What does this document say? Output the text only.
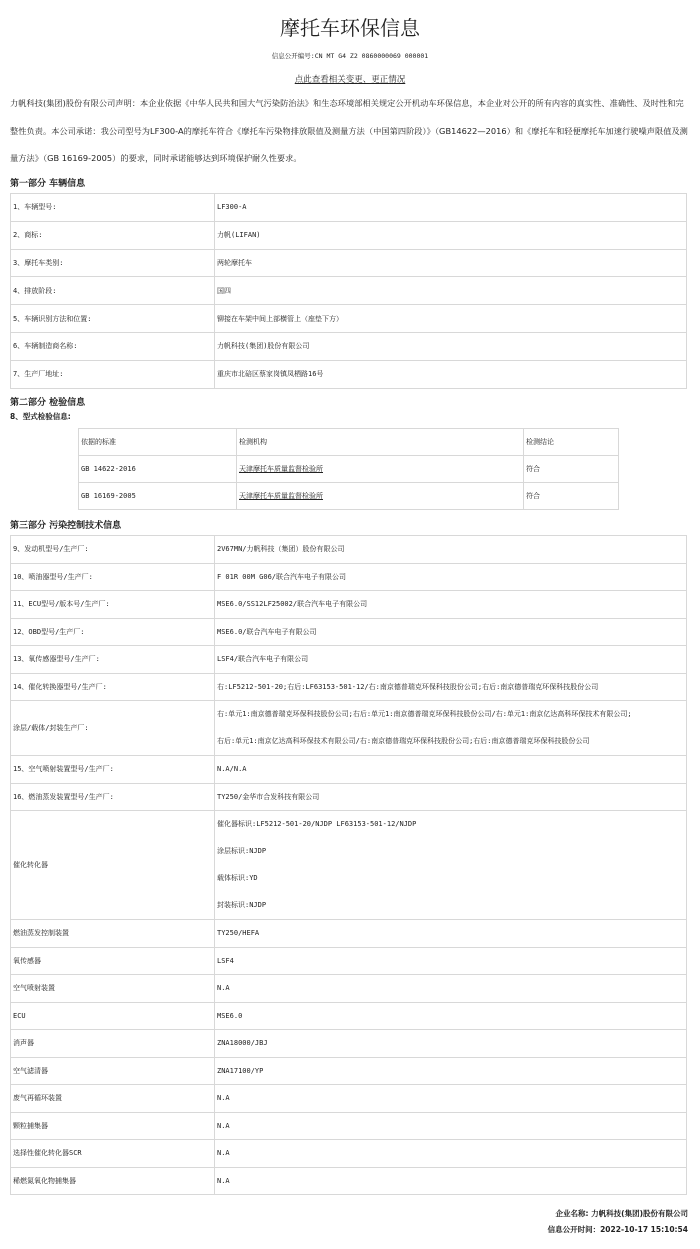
摩托车环保信息
信息公开编号:CN MT G4 Z2 0860000069 000001
点此查看相关变更、更正情况
力帆科技(集团)股份有限公司声明：本企业依据《中华人民共和国大气污染防治法》和生态环境部相关规定公开机动车环保信息，本企业对公开的所有内容的真实性、准确性、及时性和完整性负责。本公司承诺：我公司型号为LF300-A的摩托车符合《摩托车污染物排放限值及测量方法（中国第四阶段）》（GB14622—2016）和《摩托车和轻便摩托车加速行驶噪声限值及测量方法》（GB 16169-2005）的要求，同时承诺能够达到环境保护耐久性要求。
第一部分 车辆信息
1、车辆型号:	LF300-A
2、商标:	力帆(LIFAN)
3、摩托车类别:	两轮摩托车
4、排放阶段:	国四
5、车辆识别方法和位置:	铆接在车架中间上部横管上（座垫下方）
6、车辆制造商名称:	力帆科技(集团)股份有限公司
7、生产厂地址:	重庆市北碚区蔡家岗镇凤栖路16号
第二部分 检验信息
8、型式检验信息:
依据的标准	检测机构	检测结论
GB 14622-2016	天津摩托车质量监督检验所	符合
GB 16169-2005	天津摩托车质量监督检验所	符合
第三部分 污染控制技术信息
9、发动机型号/生产厂:	2V67MN/力帆科技（集团）股份有限公司
10、喷油器型号/生产厂:	F 01R 00M G06/联合汽车电子有限公司
11、ECU型号/版本号/生产厂:	MSE6.0/SS12LF25002/联合汽车电子有限公司
12、OBD型号/生产厂:	MSE6.0/联合汽车电子有限公司
13、氧传感器型号/生产厂:	LSF4/联合汽车电子有限公司
14、催化转换器型号/生产厂:	右:LF5212-501-20;右后:LF63153-501-12/右:南京德普瑞克环保科技股份公司;右后:南京德普瑞克环保科技股份公司
涂层/载体/封装生产厂:	右:单元1:南京德普瑞克环保科技股份公司;右后:单元1:南京德普瑞克环保科技股份公司/右:单元1:南京亿达高科环保技术有限公司;
右后:单元1:南京亿达高科环保技术有限公司/右:南京德普瑞克环保科技股份公司;右后:南京德普瑞克环保科技股份公司

15、空气喷射装置型号/生产厂:	N.A/N.A
16、燃油蒸发装置型号/生产厂:	TY250/金华市合发科技有限公司
催化转化器	催化器标识:LF5212-501-20/NJDP LF63153-501-12/NJDP
涂层标识:NJDP
载体标识:YD
封装标识:NJDP

燃油蒸发控制装置	TY250/HEFA
氧传感器	LSF4
空气喷射装置	N.A
ECU	MSE6.0
消声器	ZNA18000/JBJ
空气滤清器	ZNA17100/YP
废气再循环装置	N.A
颗粒捕集器	N.A
选择性催化转化器SCR	N.A
稀燃氮氧化物捕集器	N.A
企业名称: 力帆科技(集团)股份有限公司
信息公开时间：2022-10-17 15:10:54
